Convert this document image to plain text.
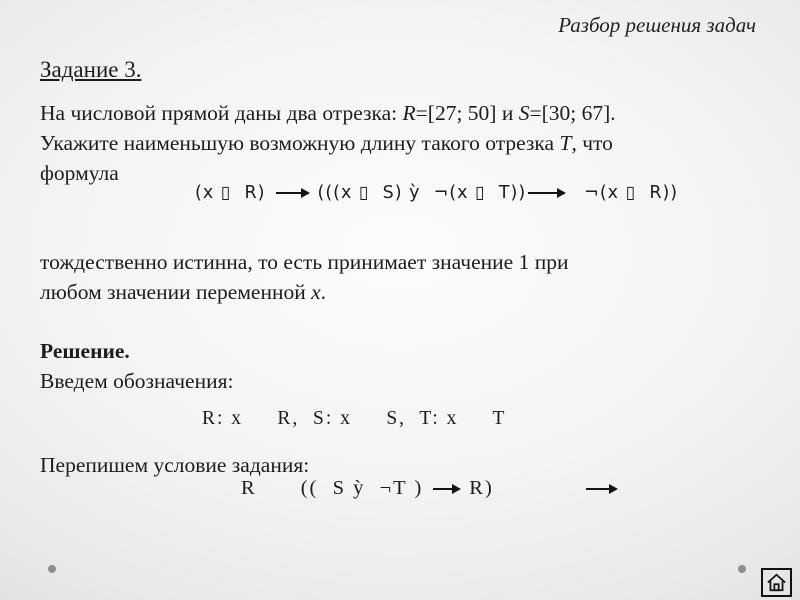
Разбор решения задач
Задание 3.
На числовой прямой даны два отрезка: R=[27; 50] и S=[30; 67].
Укажите наименьшую возможную длину такого отрезка T, что
формула
(x ▯  R)	(((x ▯  S) ỳ  ¬(x ▯  T))	¬(x ▯  R))
тождественно истинна, то есть принимает значение 1 при
любом значении переменной x.
Решение.
Введем обозначения:
R: x     R,  S: x     S,  T: x     T
Перепишем условие задания:
R ((  S ỳ  ¬T ) R)
